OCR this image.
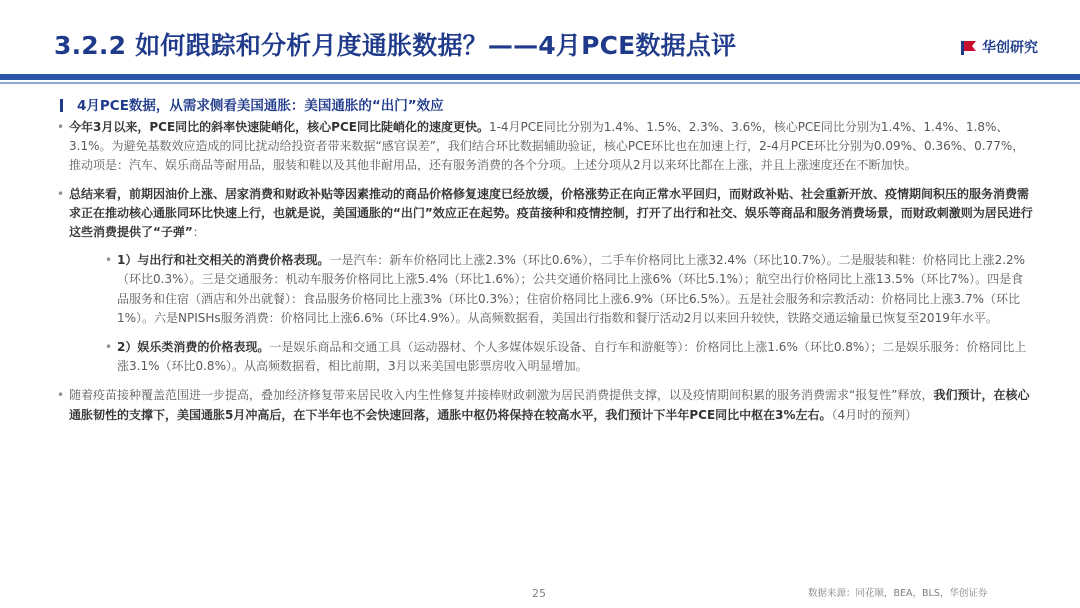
3.2.2 如何跟踪和分析月度通胀数据？——4月PCE数据点评	华创研究
4月PCE数据，从需求侧看美国通胀：美国通胀的“出门”效应
• 今年3月以来，PCE同比的斜率快速陡峭化，核心PCE同比陡峭化的速度更快。1-4月PCE同比分别为1.4%、1.5%、2.3%、3.6%，核心PCE同比分别为1.4%、1.4%、1.8%、3.1%。为避免基数效应造成的同比扰动给投资者带来数据“感官误差”，我们结合环比数据辅助验证，核心PCE环比也在加速上行，2-4月PCE环比分别为0.09%、0.36%、0.77%，推动项是：汽车、娱乐商品等耐用品，服装和鞋以及其他非耐用品，还有服务消费的各个分项。上述分项从2月以来环比都在上涨，并且上涨速度还在不断加快。
• 总结来看，前期因油价上涨、居家消费和财政补贴等因素推动的商品价格修复速度已经放缓，价格涨势正在向正常水平回归，而财政补贴、社会重新开放、疫情期间积压的服务消费需求正在推动核心通胀同环比快速上行，也就是说，美国通胀的“出门”效应正在起势。疫苗接种和疫情控制，打开了出行和社交、娱乐等商品和服务消费场景，而财政刺激则为居民进行这些消费提供了“子弹”：
• 1）与出行和社交相关的消费价格表现。一是汽车：新车价格同比上涨2.3%（环比0.6%），二手车价格同比上涨32.4%（环比10.7%）。二是服装和鞋：价格同比上涨2.2%（环比0.3%）。三是交通服务：机动车服务价格同比上涨5.4%（环比1.6%）；公共交通价格同比上涨6%（环比5.1%）；航空出行价格同比上涨13.5%（环比7%）。四是食品服务和住宿（酒店和外出就餐）：食品服务价格同比上涨3%（环比0.3%）；住宿价格同比上涨6.9%（环比6.5%）。五是社会服务和宗教活动：价格同比上涨3.7%（环比1%）。六是NPISHs服务消费：价格同比上涨6.6%（环比4.9%）。从高频数据看，美国出行指数和餐厅活动2月以来回升较快，铁路交通运输量已恢复至2019年水平。
• 2）娱乐类消费的价格表现。一是娱乐商品和交通工具（运动器材、个人多媒体娱乐设备、自行车和游艇等）：价格同比上涨1.6%（环比0.8%）；二是娱乐服务：价格同比上涨3.1%（环比0.8%）。从高频数据看，相比前期，3月以来美国电影票房收入明显增加。
• 随着疫苗接种覆盖范围进一步提高，叠加经济修复带来居民收入内生性修复并接棒财政刺激为居民消费提供支撑，以及疫情期间积累的服务消费需求“报复性”释放，我们预计，在核心通胀韧性的支撑下，美国通胀5月冲高后，在下半年也不会快速回落，通胀中枢仍将保持在较高水平，我们预计下半年PCE同比中枢在3%左右。（4月时的预判）
25	数据来源：同花顺，BEA，BLS，华创证券
